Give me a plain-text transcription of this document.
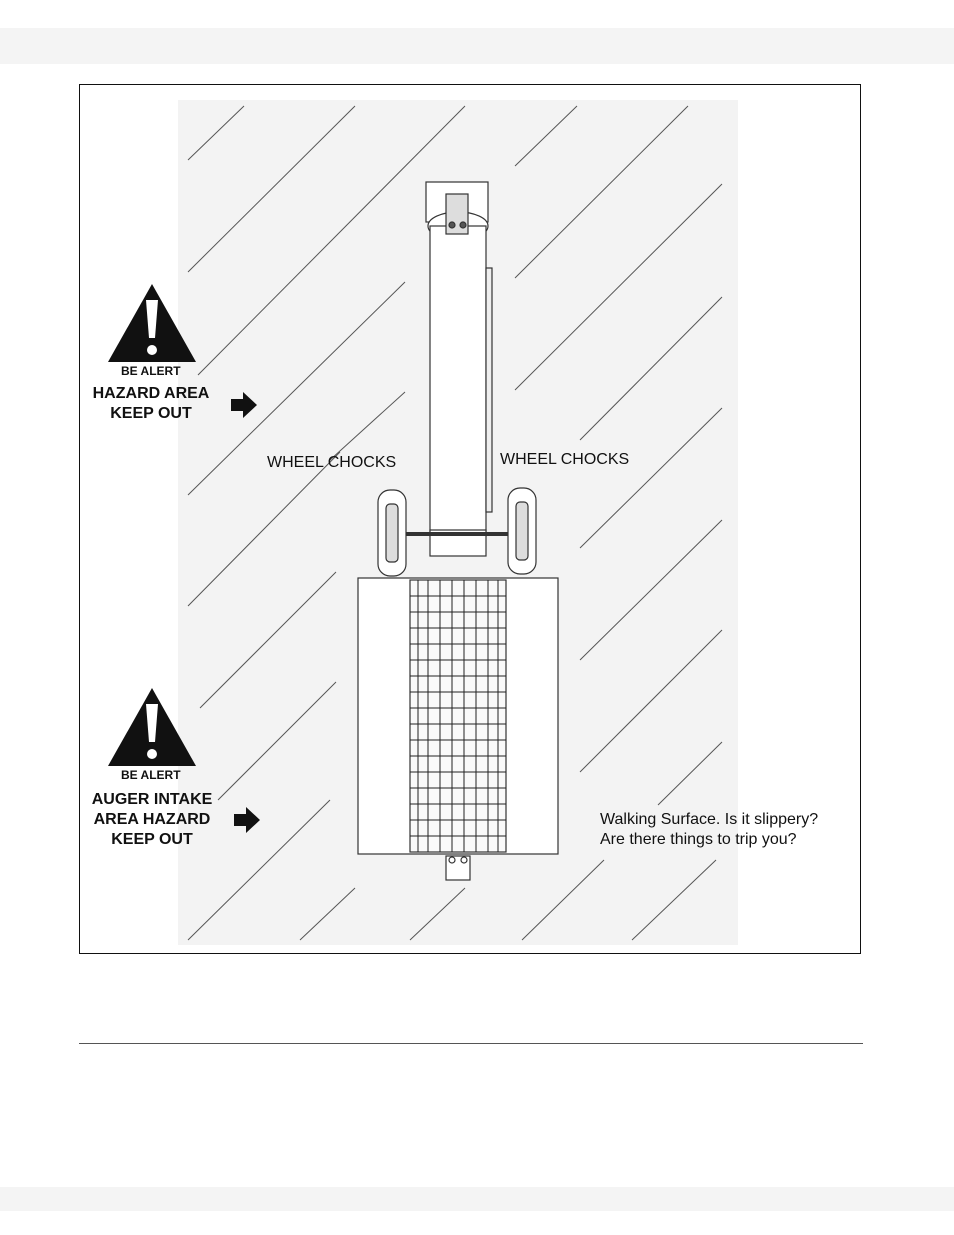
BE ALERT
HAZARD AREA
KEEP OUT
BE ALERT
AUGER INTAKE
AREA HAZARD
KEEP OUT
WHEEL CHOCKS	WHEEL CHOCKS
Walking Surface. Is it slippery?
Are there things to trip you?
